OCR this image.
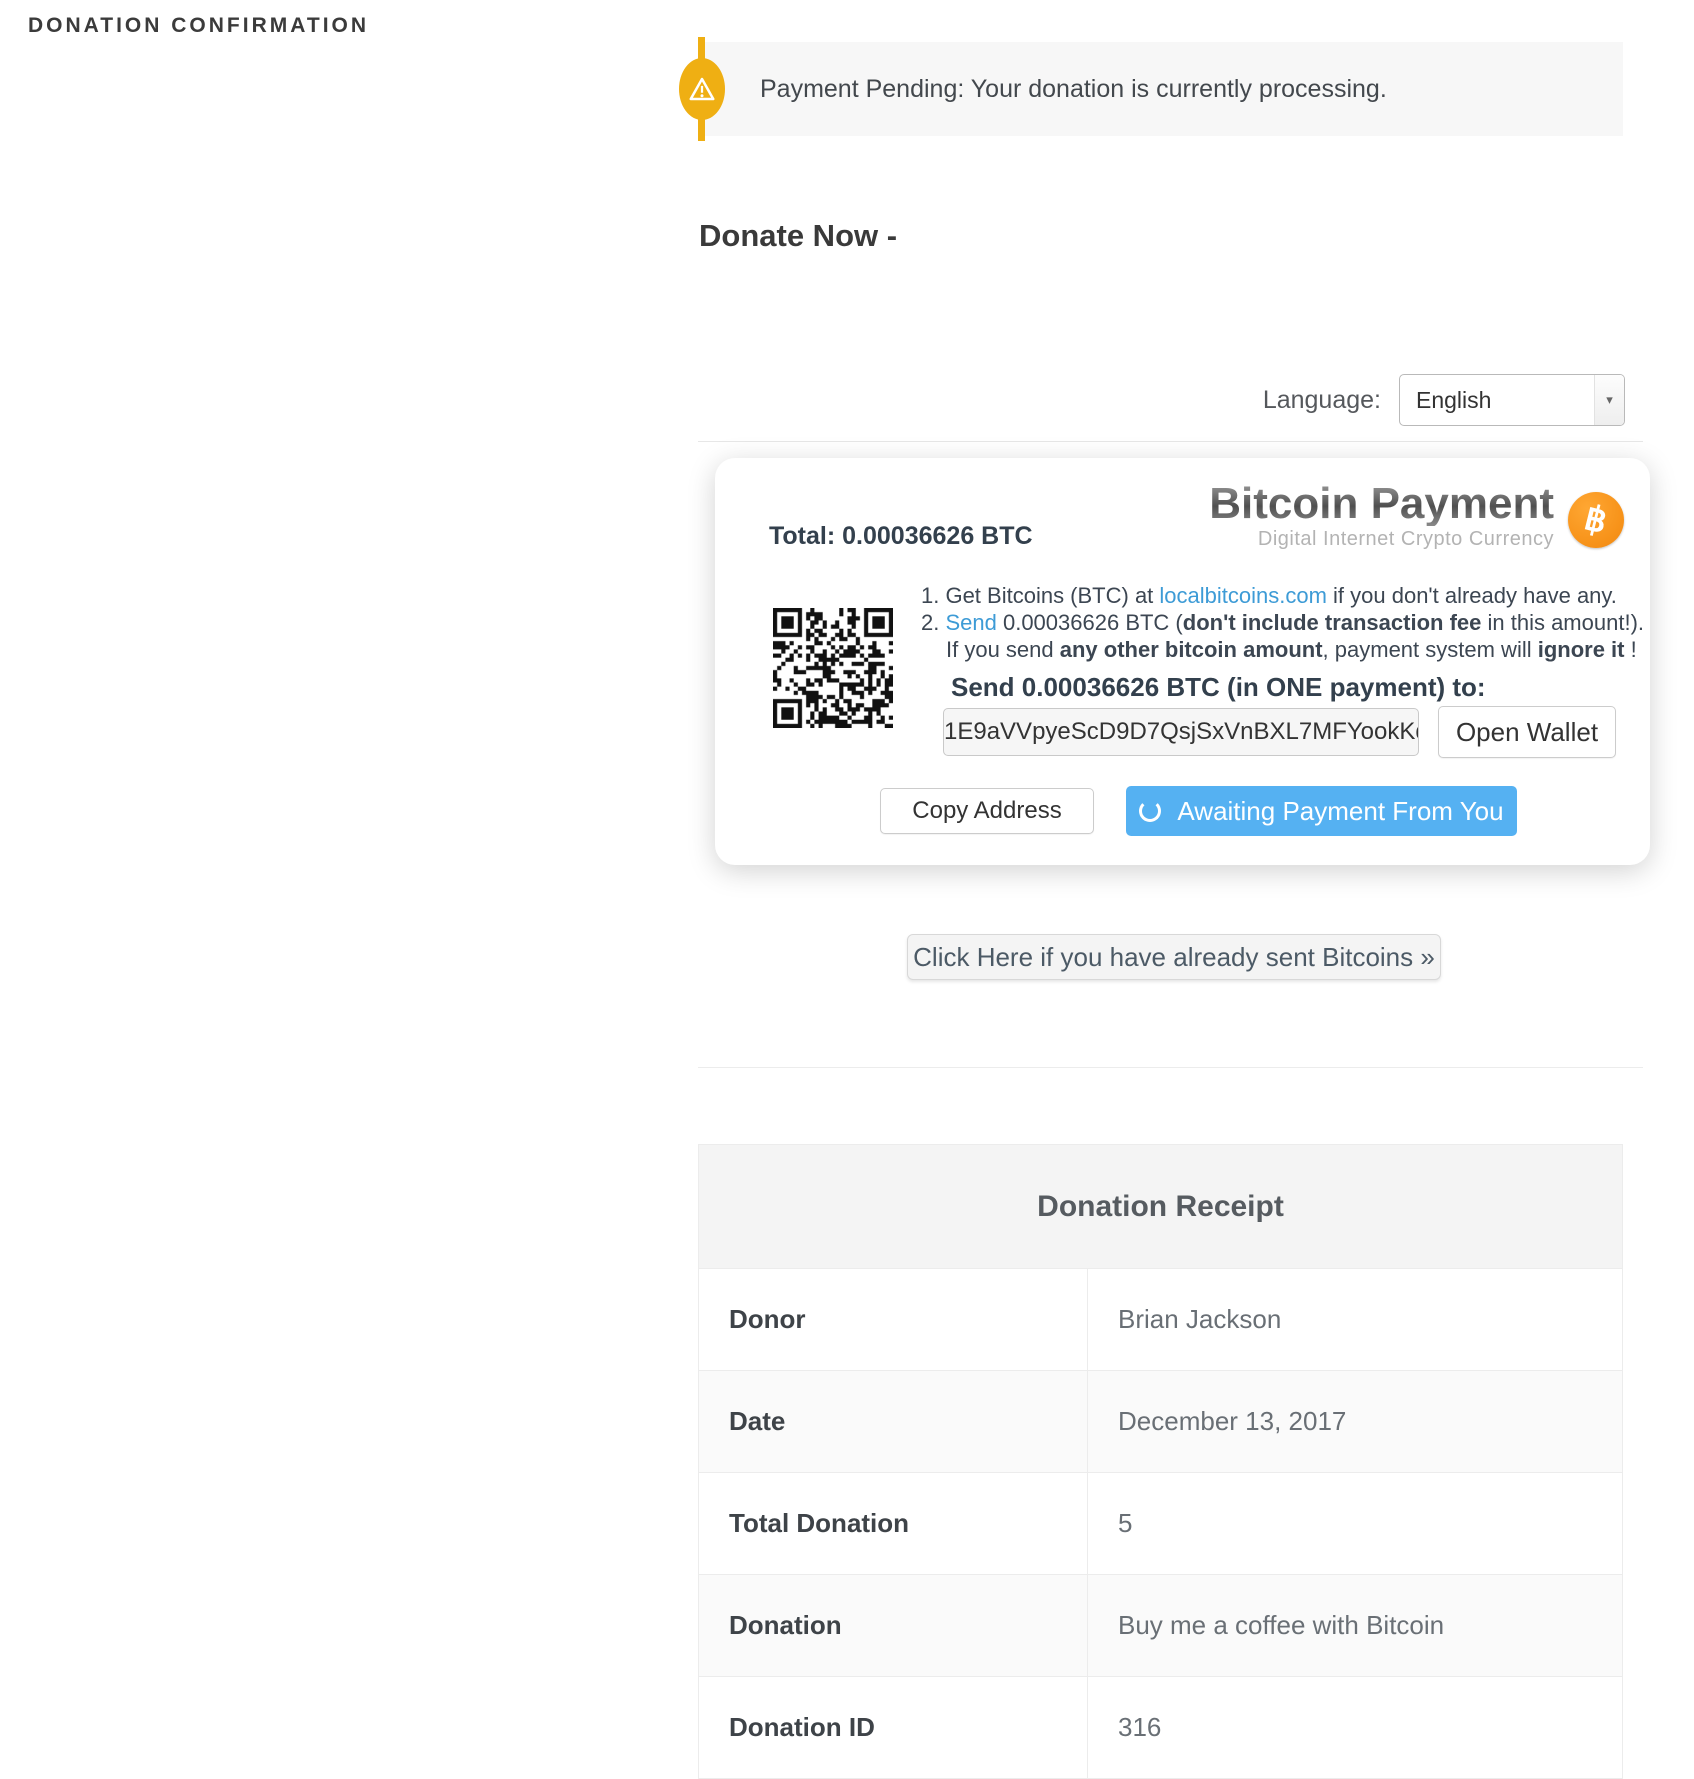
DONATION CONFIRMATION
Payment Pending: Your donation is currently processing.
Donate Now -
Language:	English	▾
Total: 0.00036626 BTC
Bitcoin Payment
Digital Internet Crypto Currency ฿
1. Get Bitcoins (BTC) at localbitcoins.com if you don't already have any.
2. Send 0.00036626 BTC (don't include transaction fee in this amount!).
If you send any other bitcoin amount, payment system will ignore it !
Send 0.00036626 BTC (in ONE payment) to:
1E9aVVpyeScD9D7QsjSxVnBXL7MFYookKd
Open Wallet
Copy Address	Awaiting Payment From You
Click Here if you have already sent Bitcoins »
Donation Receipt	
Donor	Brian Jackson
Date	December 13, 2017
Total Donation	5
Donation	Buy me a coffee with Bitcoin
Donation ID	316
